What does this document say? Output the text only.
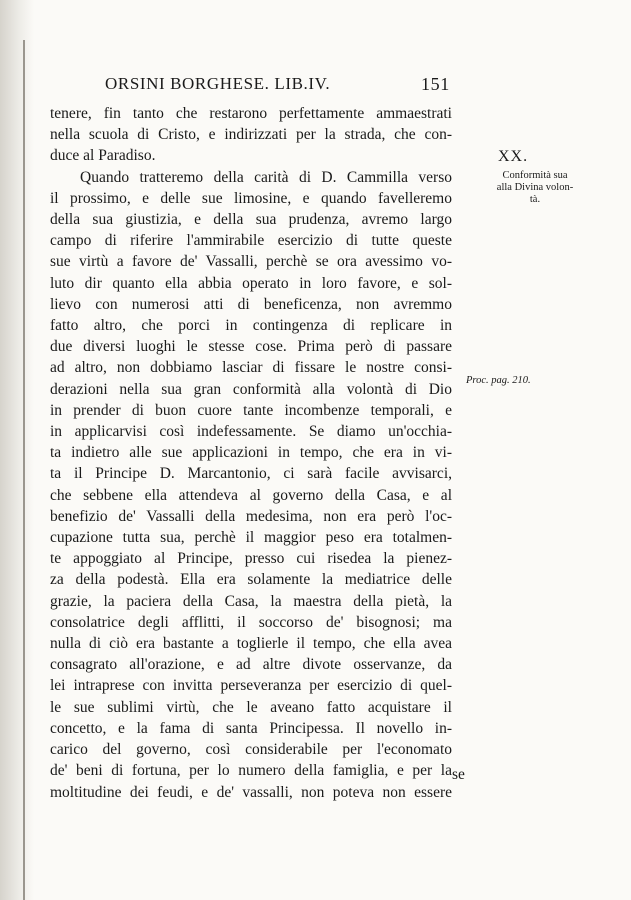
ORSINI BORGHESE. LIB.IV.	151
tenere, fin tanto che restarono perfettamente ammaestrati
nella scuola di Cristo, e indirizzati per la strada, che con-
duce al Paradiso.
Quando tratteremo della carità di D. Cammilla verso
il prossimo, e delle sue limosine, e quando favelleremo
della sua giustizia, e della sua prudenza, avremo largo
campo di riferire l'ammirabile esercizio di tutte queste
sue virtù a favore de' Vassalli, perchè se ora avessimo vo-
luto dir quanto ella abbia operato in loro favore, e sol-
lievo con numerosi atti di beneficenza, non avremmo
fatto altro, che porci in contingenza di replicare in
due diversi luoghi le stesse cose. Prima però di passare
ad altro, non dobbiamo lasciar di fissare le nostre consi-
derazioni nella sua gran conformità alla volontà di Dio
in prender di buon cuore tante incombenze temporali, e
in applicarvisi così indefessamente. Se diamo un'occhia-
ta indietro alle sue applicazioni in tempo, che era in vi-
ta il Principe D. Marcantonio, ci sarà facile avvisarci,
che sebbene ella attendeva al governo della Casa, e al
benefizio de' Vassalli della medesima, non era però l'oc-
cupazione tutta sua, perchè il maggior peso era totalmen-
te appoggiato al Principe, presso cui risedea la pienez-
za della podestà. Ella era solamente la mediatrice delle
grazie, la paciera della Casa, la maestra della pietà, la
consolatrice degli afflitti, il soccorso de' bisognosi; ma
nulla di ciò era bastante a toglierle il tempo, che ella avea
consagrato all'orazione, e ad altre divote osservanze, da
lei intraprese con invitta perseveranza per esercizio di quel-
le sue sublimi virtù, che le aveano fatto acquistare il
concetto, e la fama di santa Principessa. Il novello in-
carico del governo, così considerabile per l'economato
de' beni di fortuna, per lo numero della famiglia, e per la
moltitudine dei feudi, e de' vassalli, non poteva non essere
se
XX.
Conformità sua
alla Divina volon-
tà.
Proc. pag. 210.
